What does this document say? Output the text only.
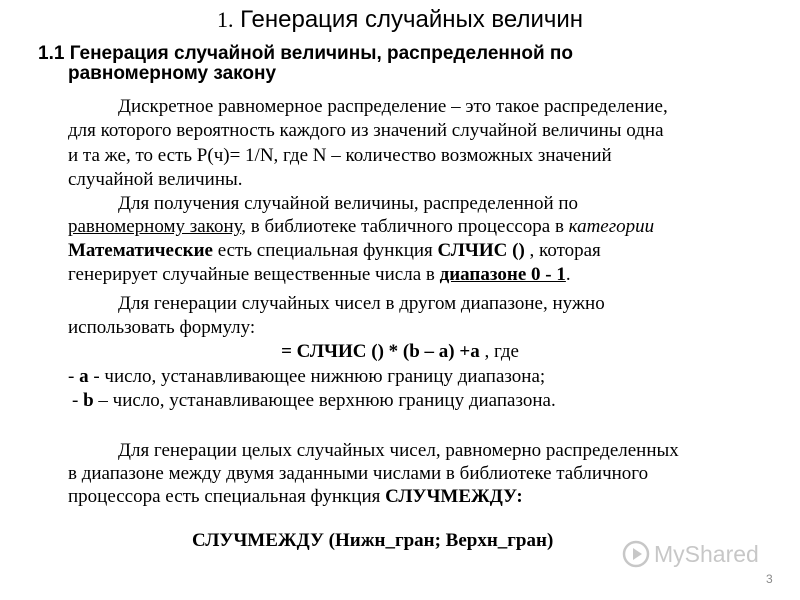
1. Генерация случайных величин
1.1 Генерация случайной величины, распределенной по
равномерному закону
Дискретное равномерное распределение – это такое распределение,
для которого вероятность каждого из значений случайной величины одна
и та же, то есть Р(ч)= 1/N, где N – количество возможных значений
случайной величины.
Для получения случайной величины, распределенной по
равномерному закону, в библиотеке табличного процессора в категории
Математические есть специальная функция СЛЧИС () , которая
генерирует случайные вещественные числа в диапазоне 0 - 1.
Для генерации случайных чисел в другом диапазоне, нужно
использовать формулу:
= СЛЧИС () * (b – a) +a , где
- а - число, устанавливающее нижнюю границу диапазона;
- b – число, устанавливающее верхнюю границу диапазона.
Для генерации целых случайных чисел, равномерно распределенных
в диапазоне между двумя заданными числами в библиотеке табличного
процессора есть специальная функция СЛУЧМЕЖДУ:
СЛУЧМЕЖДУ (Нижн_гран; Верхн_гран)	MyShared
3
